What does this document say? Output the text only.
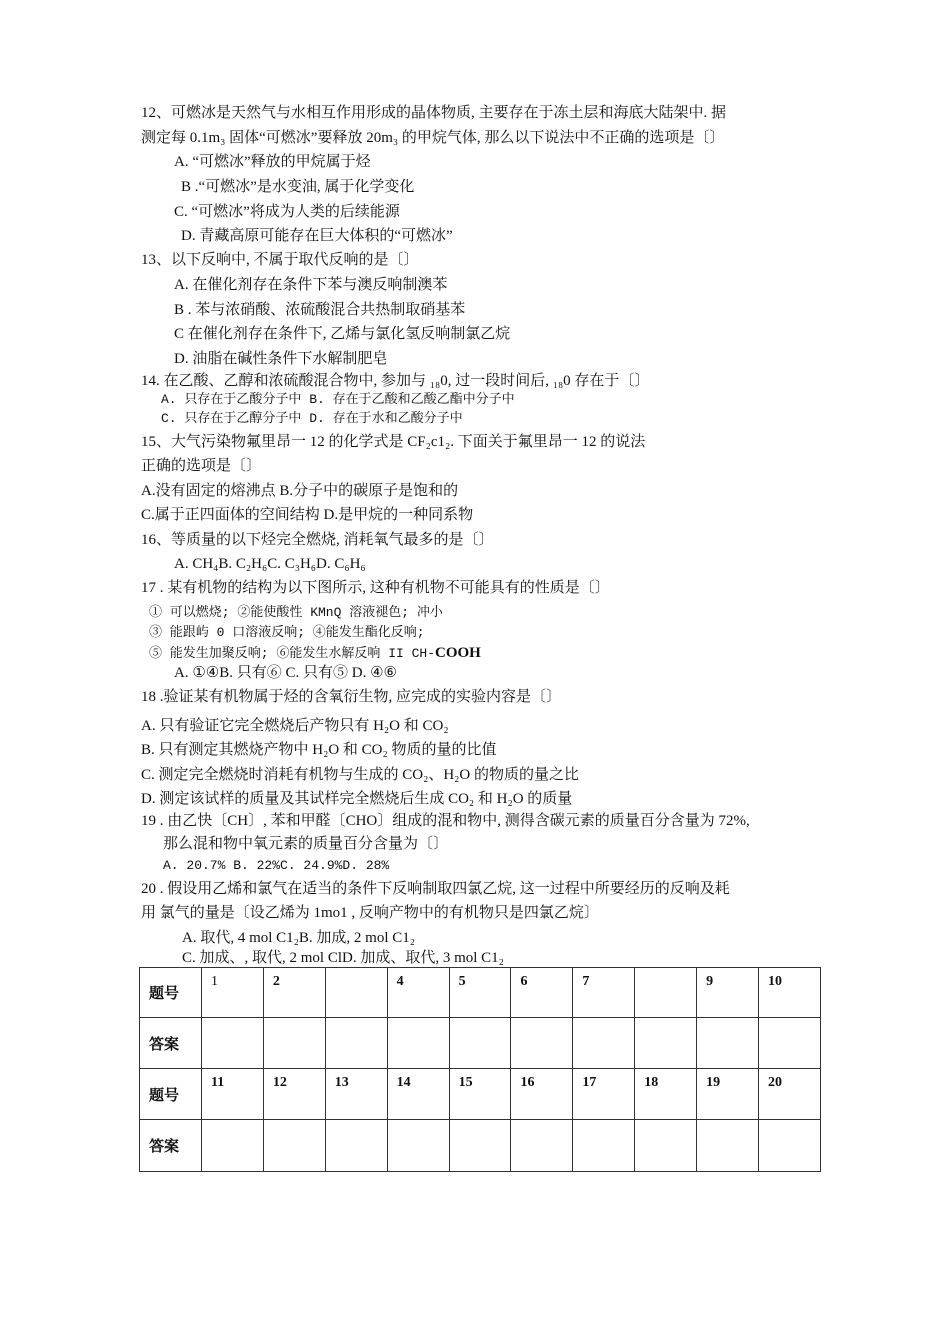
12、可燃冰是天然气与水相互作用形成的晶体物质, 主要存在于冻土层和海底大陆架中. 据
测定每 0.1m₃ 固体“可燃冰”要释放 20m₃ 的甲烷气体, 那么以下说法中不正确的选项是〔〕
A. “可燃冰”释放的甲烷属于烃
B .“可燃冰”是水变油, 属于化学变化
C. “可燃冰”将成为人类的后续能源
D. 青藏高原可能存在巨大体积的“可燃冰”
13、以下反响中, 不属于取代反响的是〔〕
A. 在催化剂存在条件下苯与澳反响制澳苯
B . 苯与浓硝酸、浓硫酸混合共热制取硝基苯
C 在催化剂存在条件下, 乙烯与氯化氢反响制氯乙烷
D. 油脂在碱性条件下水解制肥皂
14. 在乙酸、乙醇和浓硫酸混合物中, 参加与 ₁₈0, 过一段时间后, ₁₈0 存在于〔〕
A. 只存在于乙酸分子中 B. 存在于乙酸和乙酸乙酯中分子中
C. 只存在于乙醇分子中 D. 存在于水和乙酸分子中
15、大气污染物氟里昂一 12 的化学式是 CF₂c1₂. 下面关于氟里昂一 12 的说法
正确的选项是〔〕
A.没有固定的熔沸点 B.分子中的碳原子是饱和的
C.属于正四面体的空间结构 D.是甲烷的一种同系物
16、等质量的以下烃完全燃烧, 消耗氧气最多的是〔〕
A. CH₄B. C₂H₆C. C₃H₆D. C₆H₆
17 . 某有机物的结构为以下图所示, 这种有机物不可能具有的性质是〔〕
① 可以燃烧; ②能使酸性 KMnQ 溶液褪色; 冲小
③ 能跟屿 0 口溶液反响; ④能发生酯化反响;
⑤ 能发生加聚反响; ⑥能发生水解反响 II CH-COOH
A. ①④B. 只有⑥ C. 只有⑤ D. ④⑥
18 .验证某有机物属于烃的含氧衍生物, 应完成的实验内容是〔〕
A. 只有验证它完全燃烧后产物只有 H₂O 和 CO₂
B. 只有测定其燃烧产物中 H₂O 和 CO₂ 物质的量的比值
C. 测定完全燃烧时消耗有机物与生成的 CO₂、H₂O 的物质的量之比
D. 测定该试样的质量及其试样完全燃烧后生成 CO₂ 和 H₂O 的质量
19 . 由乙快〔CH〕, 苯和甲醛〔CHO〕组成的混和物中, 测得含碳元素的质量百分含量为 72%,
那么混和物中氧元素的质量百分含量为〔〕
A. 20.7% B. 22%C. 24.9%D. 28%
20 . 假设用乙烯和氯气在适当的条件下反响制取四氯乙烷, 这一过程中所要经历的反响及耗
用 氯气的量是〔设乙烯为 1mo1 , 反响产物中的有机物只是四氯乙烷〕
A. 取代, 4 mol C1₂B. 加成, 2 mol C1₂
C. 加成、, 取代, 2 mol ClD. 加成、取代, 3 mol C1₂
题号	1	2		4	5	6	7		9	10
答案										
题号	11	12	13	14	15	16	17	18	19	20
答案										
